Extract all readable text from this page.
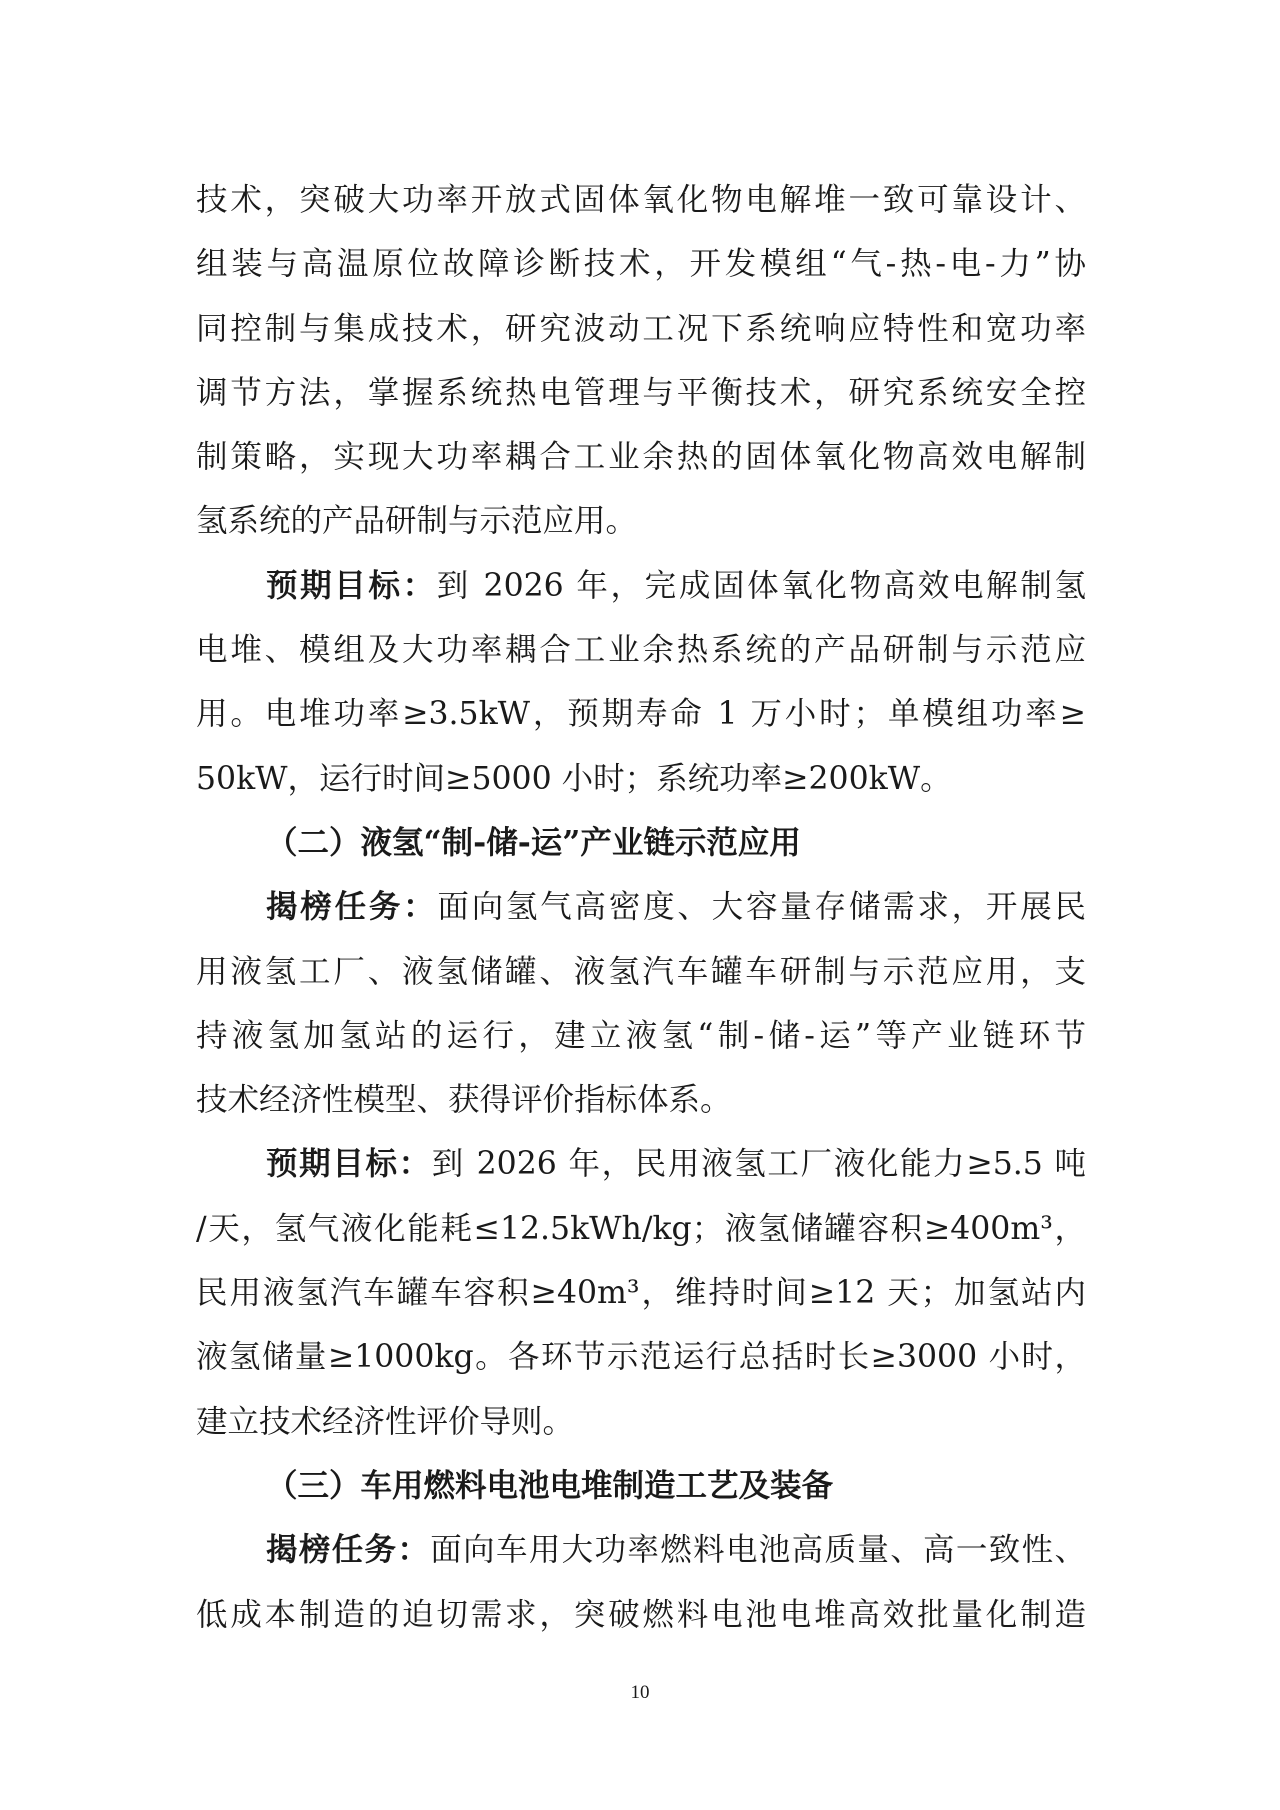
技术，突破大功率开放式固体氧化物电解堆一致可靠设计、
组装与高温原位故障诊断技术，开发模组“气-热-电-力”协
同控制与集成技术，研究波动工况下系统响应特性和宽功率
调节方法，掌握系统热电管理与平衡技术，研究系统安全控
制策略，实现大功率耦合工业余热的固体氧化物高效电解制
氢系统的产品研制与示范应用。
预期目标：到 2026 年，完成固体氧化物高效电解制氢
电堆、模组及大功率耦合工业余热系统的产品研制与示范应
用。电堆功率≥3.5kW，预期寿命 1 万小时；单模组功率≥
50kW，运行时间≥5000 小时；系统功率≥200kW。
（二）液氢“制-储-运”产业链示范应用
揭榜任务：面向氢气高密度、大容量存储需求，开展民
用液氢工厂、液氢储罐、液氢汽车罐车研制与示范应用，支
持液氢加氢站的运行，建立液氢“制-储-运”等产业链环节
技术经济性模型、获得评价指标体系。
预期目标：到 2026 年，民用液氢工厂液化能力≥5.5 吨
/天，氢气液化能耗≤12.5kWh/kg；液氢储罐容积≥400m³，
民用液氢汽车罐车容积≥40m³，维持时间≥12 天；加氢站内
液氢储量≥1000kg。各环节示范运行总括时长≥3000 小时，
建立技术经济性评价导则。
（三）车用燃料电池电堆制造工艺及装备
揭榜任务：面向车用大功率燃料电池高质量、高一致性、
低成本制造的迫切需求，突破燃料电池电堆高效批量化制造
10
